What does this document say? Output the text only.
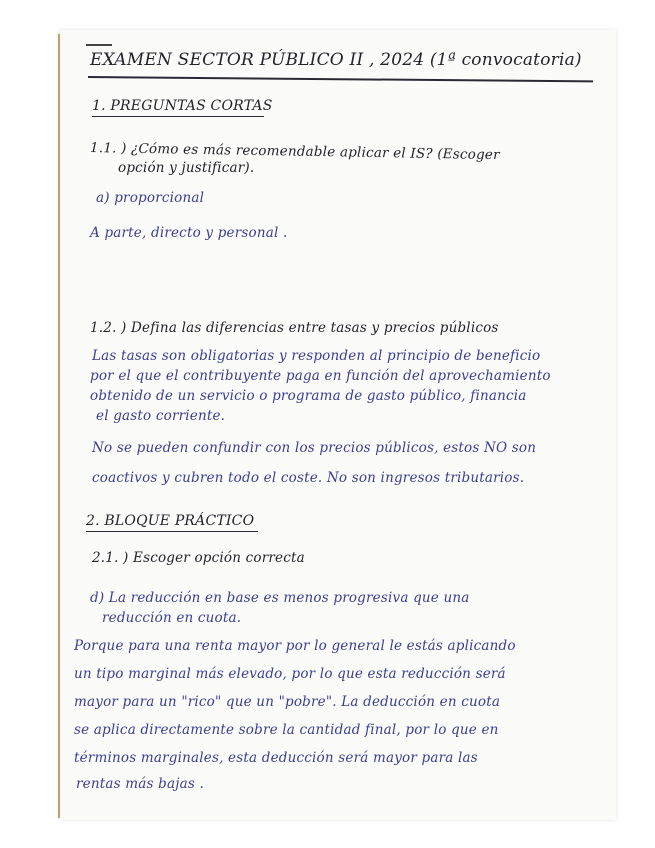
EXAMEN SECTOR PÚBLICO II , 2024 (1ª convocatoria)
1. PREGUNTAS CORTAS
1.1. ) ¿Cómo es más recomendable aplicar el IS? (Escoger
opción y justificar).
a) proporcional
A parte, directo y personal .
1.2. ) Defina las diferencias entre tasas y precios públicos
Las tasas son obligatorias y responden al principio de beneficio
por el que el contribuyente paga en función del aprovechamiento
obtenido de un servicio o programa de gasto público, financia
el gasto corriente.
No se pueden confundir con los precios públicos, estos NO son
coactivos y cubren todo el coste. No son ingresos tributarios.
2. BLOQUE PRÁCTICO
2.1. ) Escoger opción correcta
d) La reducción en base es menos progresiva que una
reducción en cuota.
Porque para una renta mayor por lo general le estás aplicando
un tipo marginal más elevado, por lo que esta reducción será
mayor para un "rico" que un "pobre". La deducción en cuota
se aplica directamente sobre la cantidad final, por lo que en
términos marginales, esta deducción será mayor para las
rentas más bajas .
